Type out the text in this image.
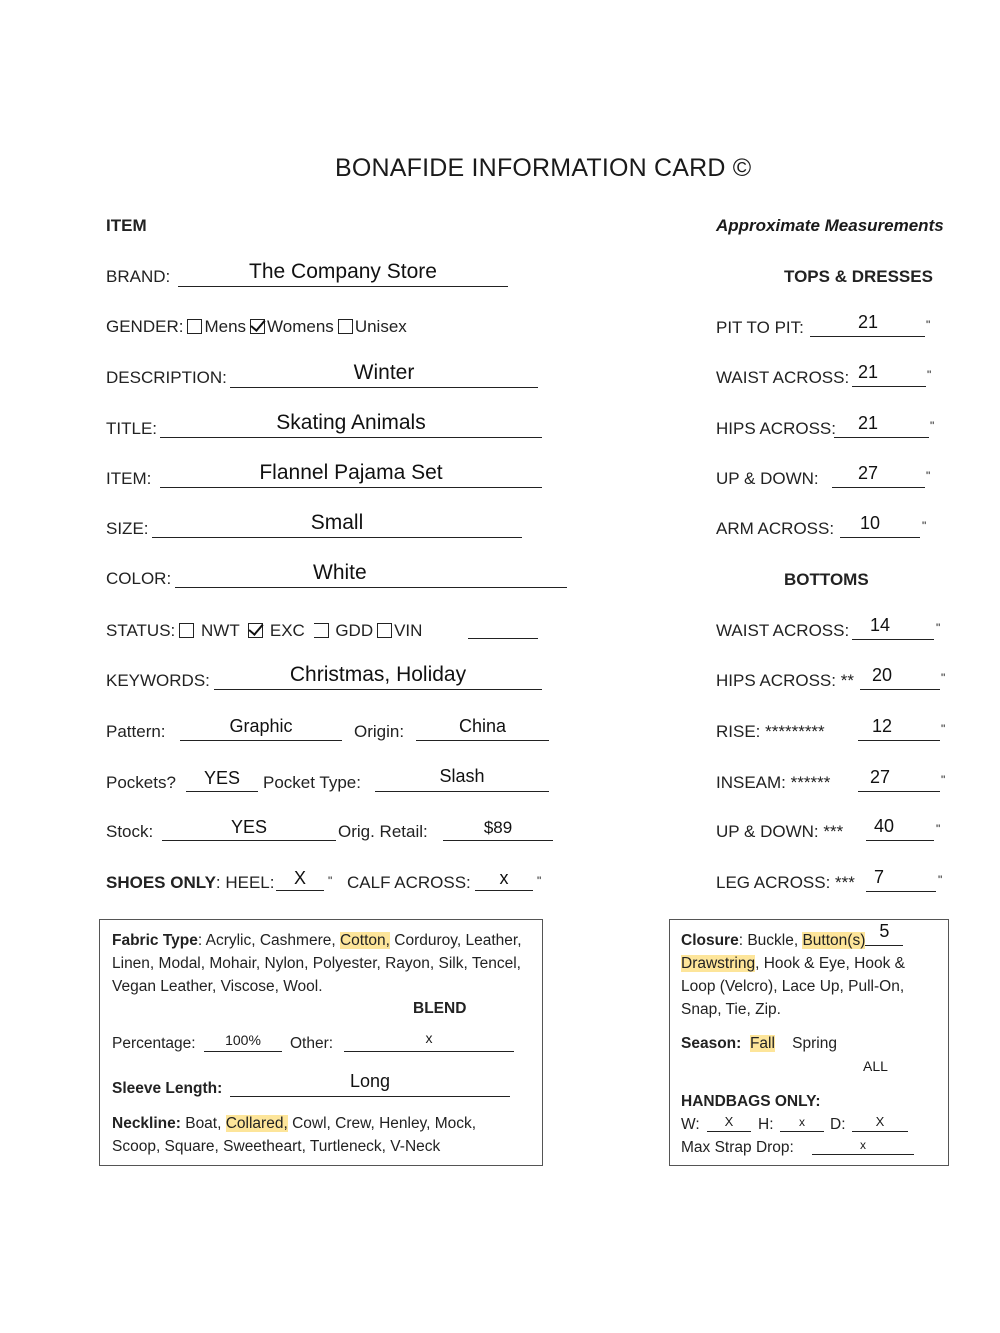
BONAFIDE INFORMATION CARD ©
ITEM	Approximate Measurements
BRAND:	The Company Store
GENDER: Mens Womens Unisex
DESCRIPTION:	Winter
TITLE:	Skating Animals
ITEM:	Flannel Pajama Set
SIZE:	Small
COLOR:	White
STATUS: NWT EXC GDD VIN
KEYWORDS:	Christmas, Holiday
Pattern:	Graphic	Origin:	China
Pockets?	YES	Pocket Type:	Slash
Stock:	YES	Orig. Retail:	$89
SHOES ONLY: HEEL:	X	" CALF ACROSS:	x	"
TOPS & DRESSES
PIT TO PIT:	21	"
WAIST ACROSS: 21	"
HIPS ACROSS: 21	"
UP & DOWN: 27	"
ARM ACROSS: 10	"
BOTTOMS
WAIST ACROSS: 14	"
HIPS ACROSS: ** 20	"
RISE: *********	12	"
INSEAM: ****** 27	"
UP & DOWN: *** 40	"
LEG ACROSS: *** 7	"
Fabric Type: Acrylic, Cashmere, Cotton, Corduroy, Leather, Linen, Modal, Mohair, Nylon, Polyester, Rayon, Silk, Tencel, Vegan Leather, Viscose, Wool.
BLEND
Percentage:	100%	Other:	x
Sleeve Length:	Long
Neckline: Boat, Collared, Cowl, Crew, Henley, Mock, Scoop, Square, Sweetheart, Turtleneck, V-Neck
Closure: Buckle, Button(s) 5
Drawstring, Hook & Eye, Hook & Loop (Velcro), Lace Up, Pull-On, Snap, Tie, Zip.
Season: Fall Spring
ALL
HANDBAGS ONLY:
W:	X	H:	x	D:	X
Max Strap Drop:	x
